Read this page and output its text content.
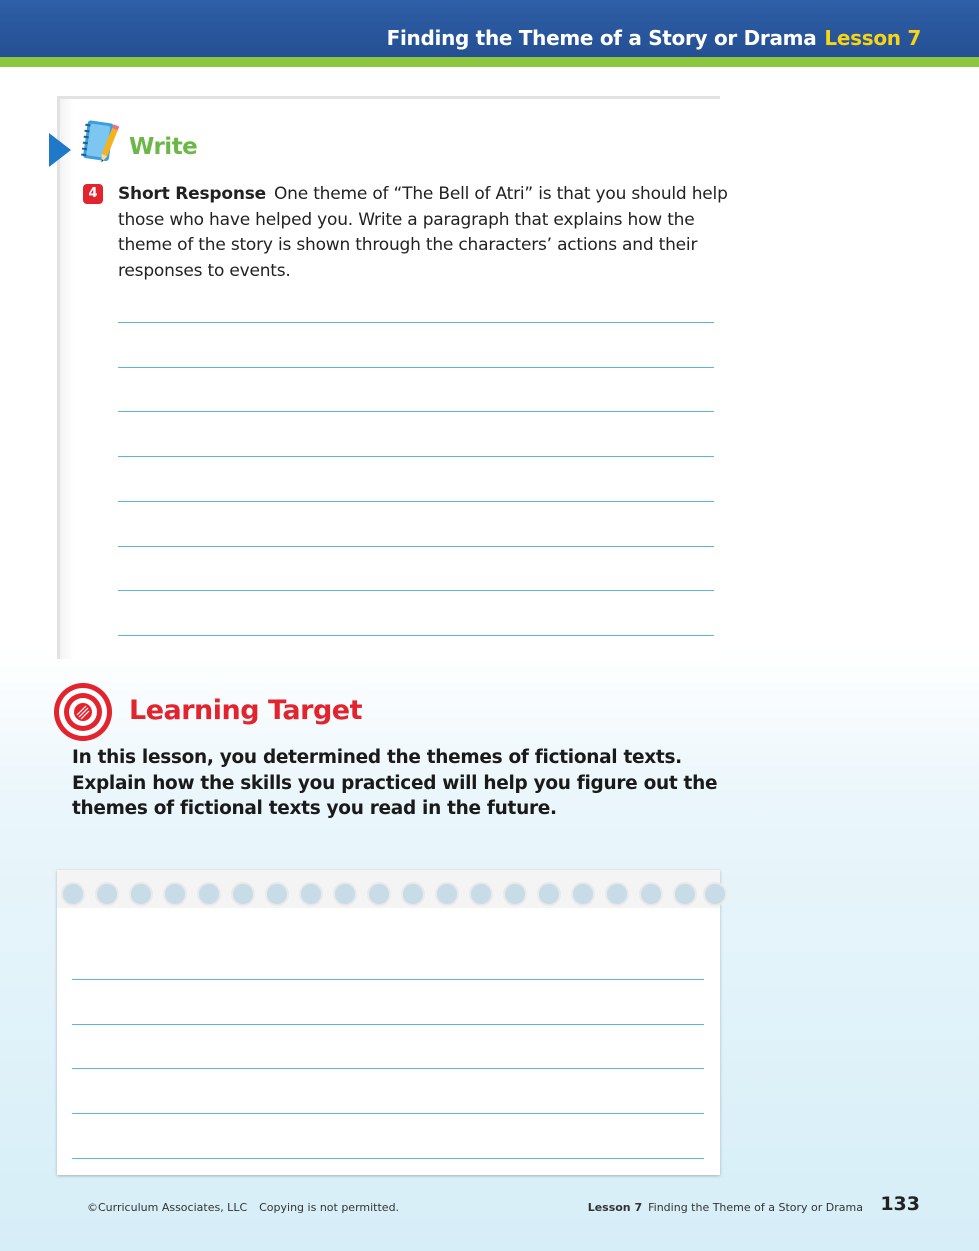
Finding the Theme of a Story or Drama Lesson 7
Write
4	Short Response One theme of “The Bell of Atri” is that you should help those who have helped you. Write a paragraph that explains how the theme of the story is shown through the characters’ actions and their responses to events.
Learning Target
In this lesson, you determined the themes of fictional texts. Explain how the skills you practiced will help you figure out the themes of fictional texts you read in the future.
©Curriculum Associates, LLC Copying is not permitted.	Lesson 7 Finding the Theme of a Story or Drama 133
